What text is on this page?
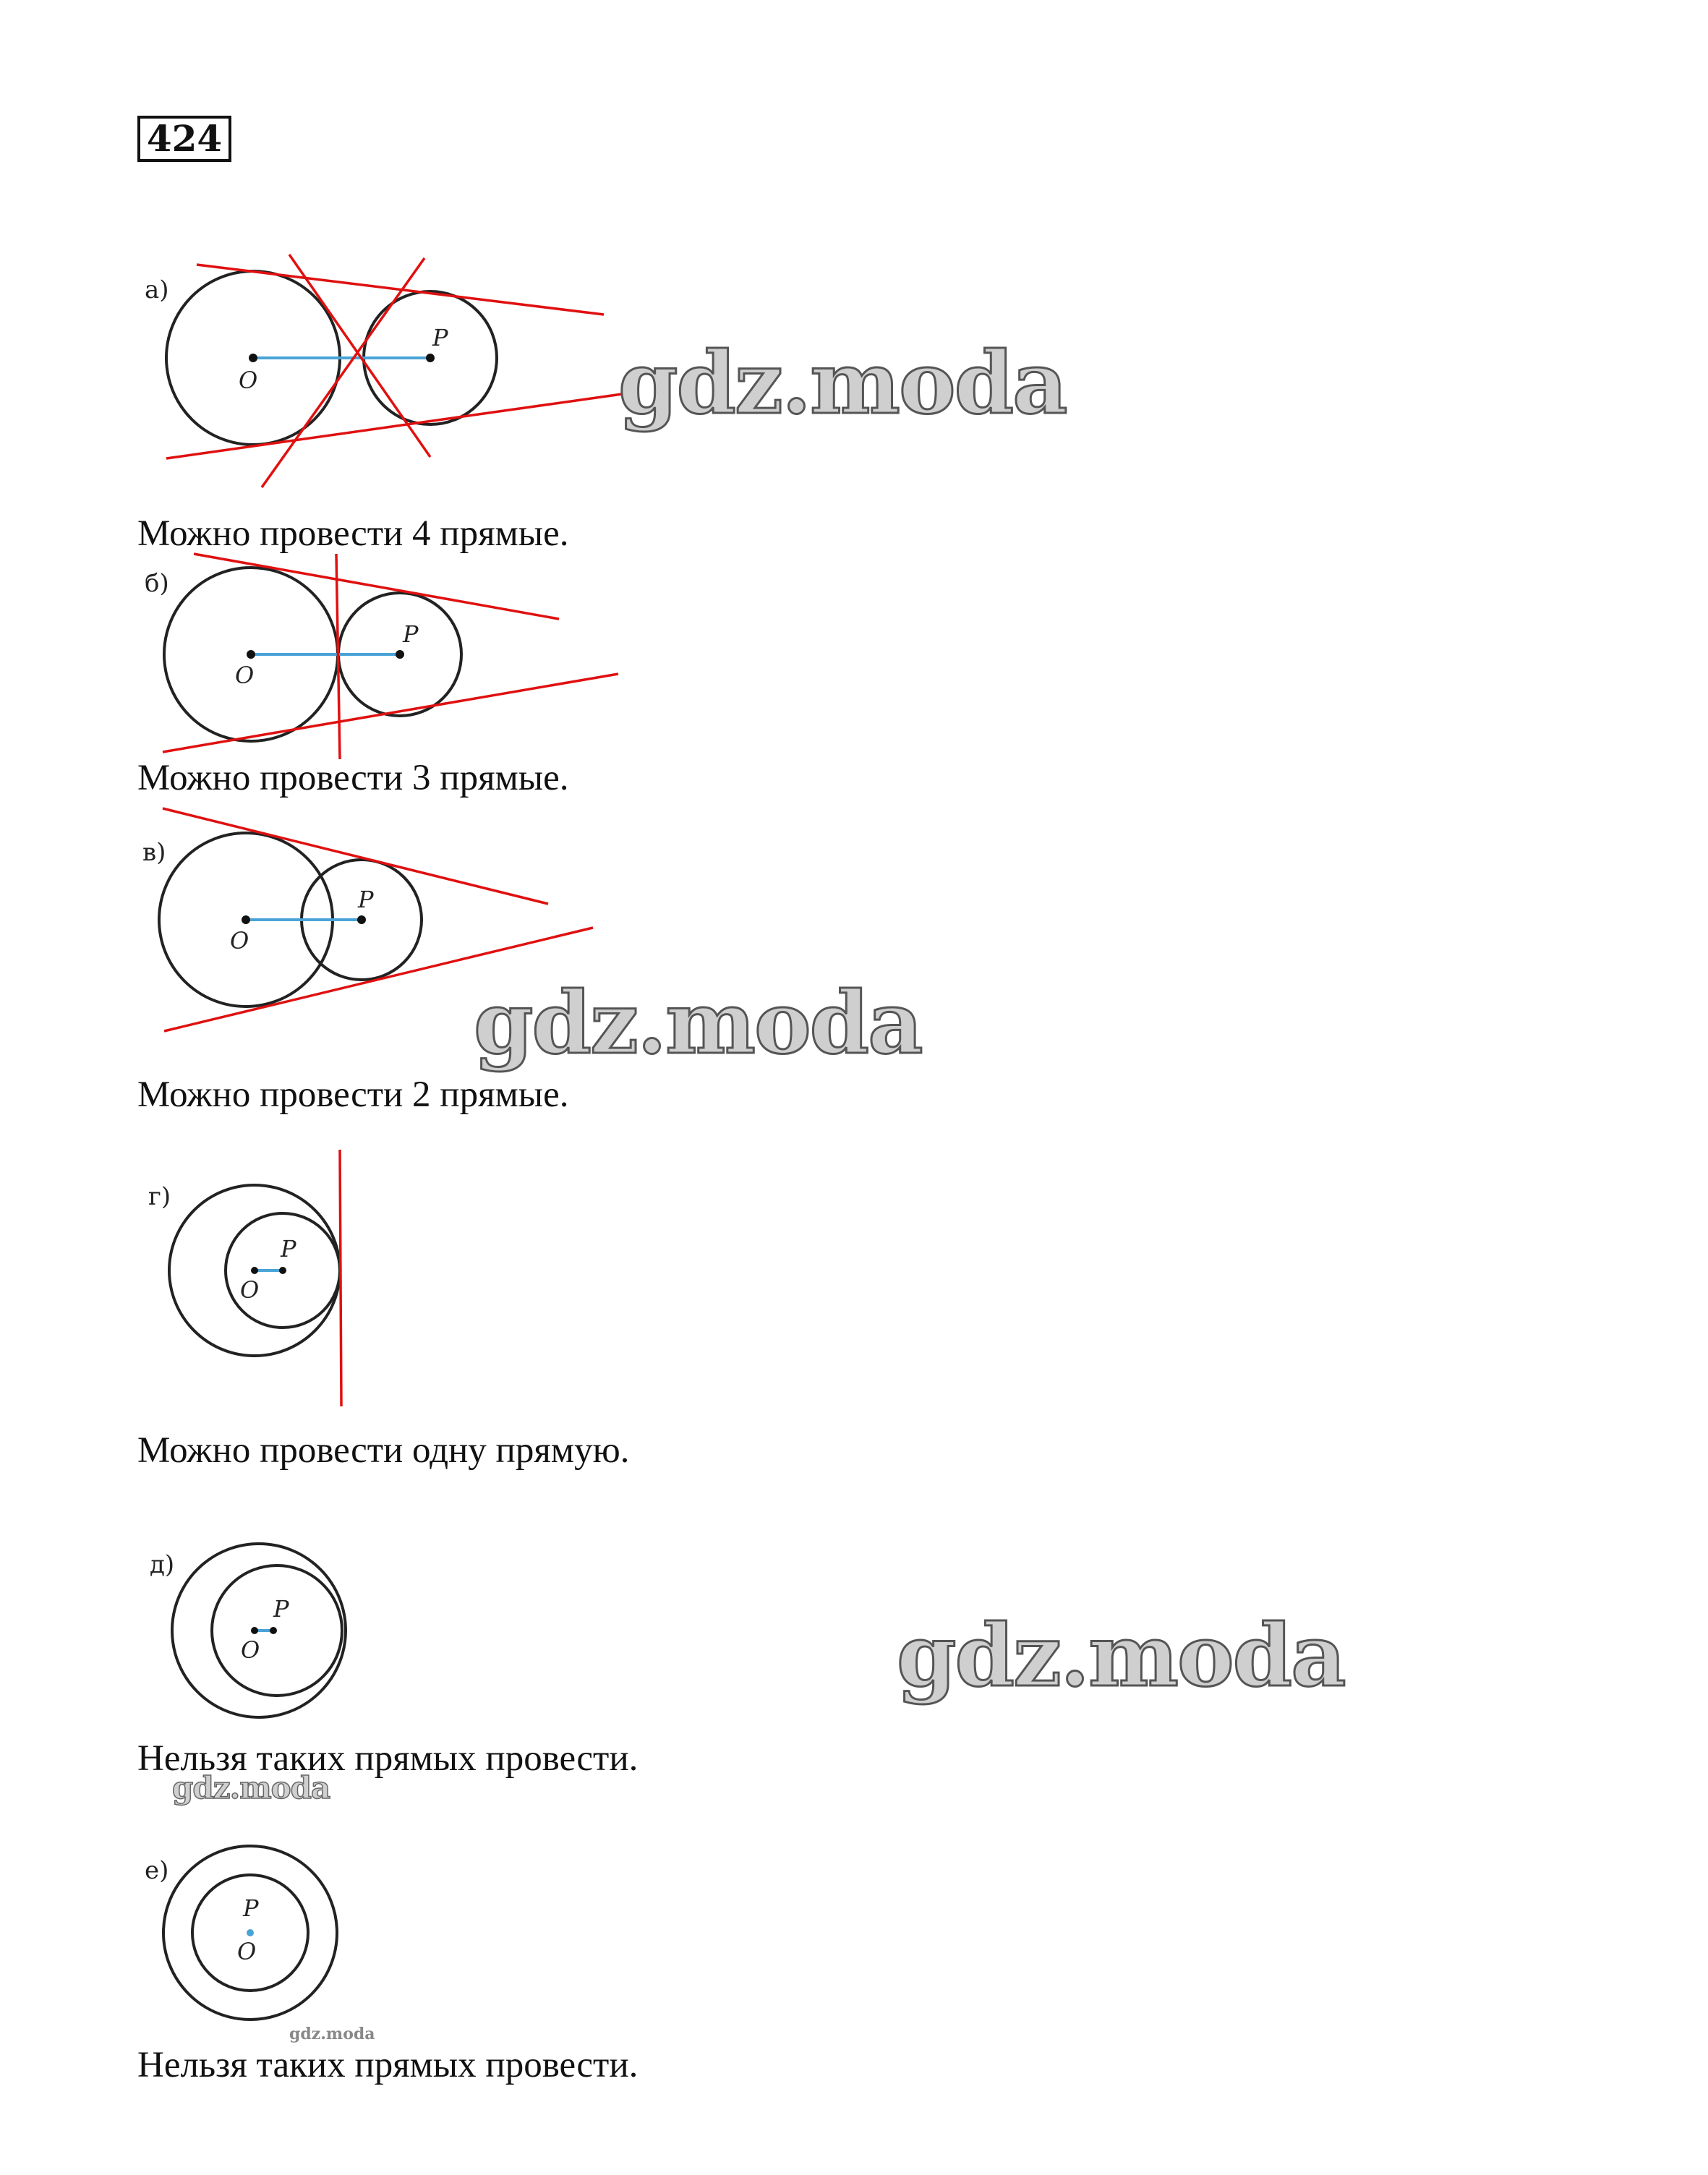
424
а)
O
P
Можно провести 4 прямые.
б)
O
P
Можно провести 3 прямые.
в)
O
P
Можно провести 2 прямые.
г)
O
P
Можно провести одну прямую.
д)
O
P
Нельзя таких прямых провести.
е)
P
O
Нельзя таких прямых провести.
gdz.moda
gdz.moda
gdz.moda
gdz.moda
gdz.moda
